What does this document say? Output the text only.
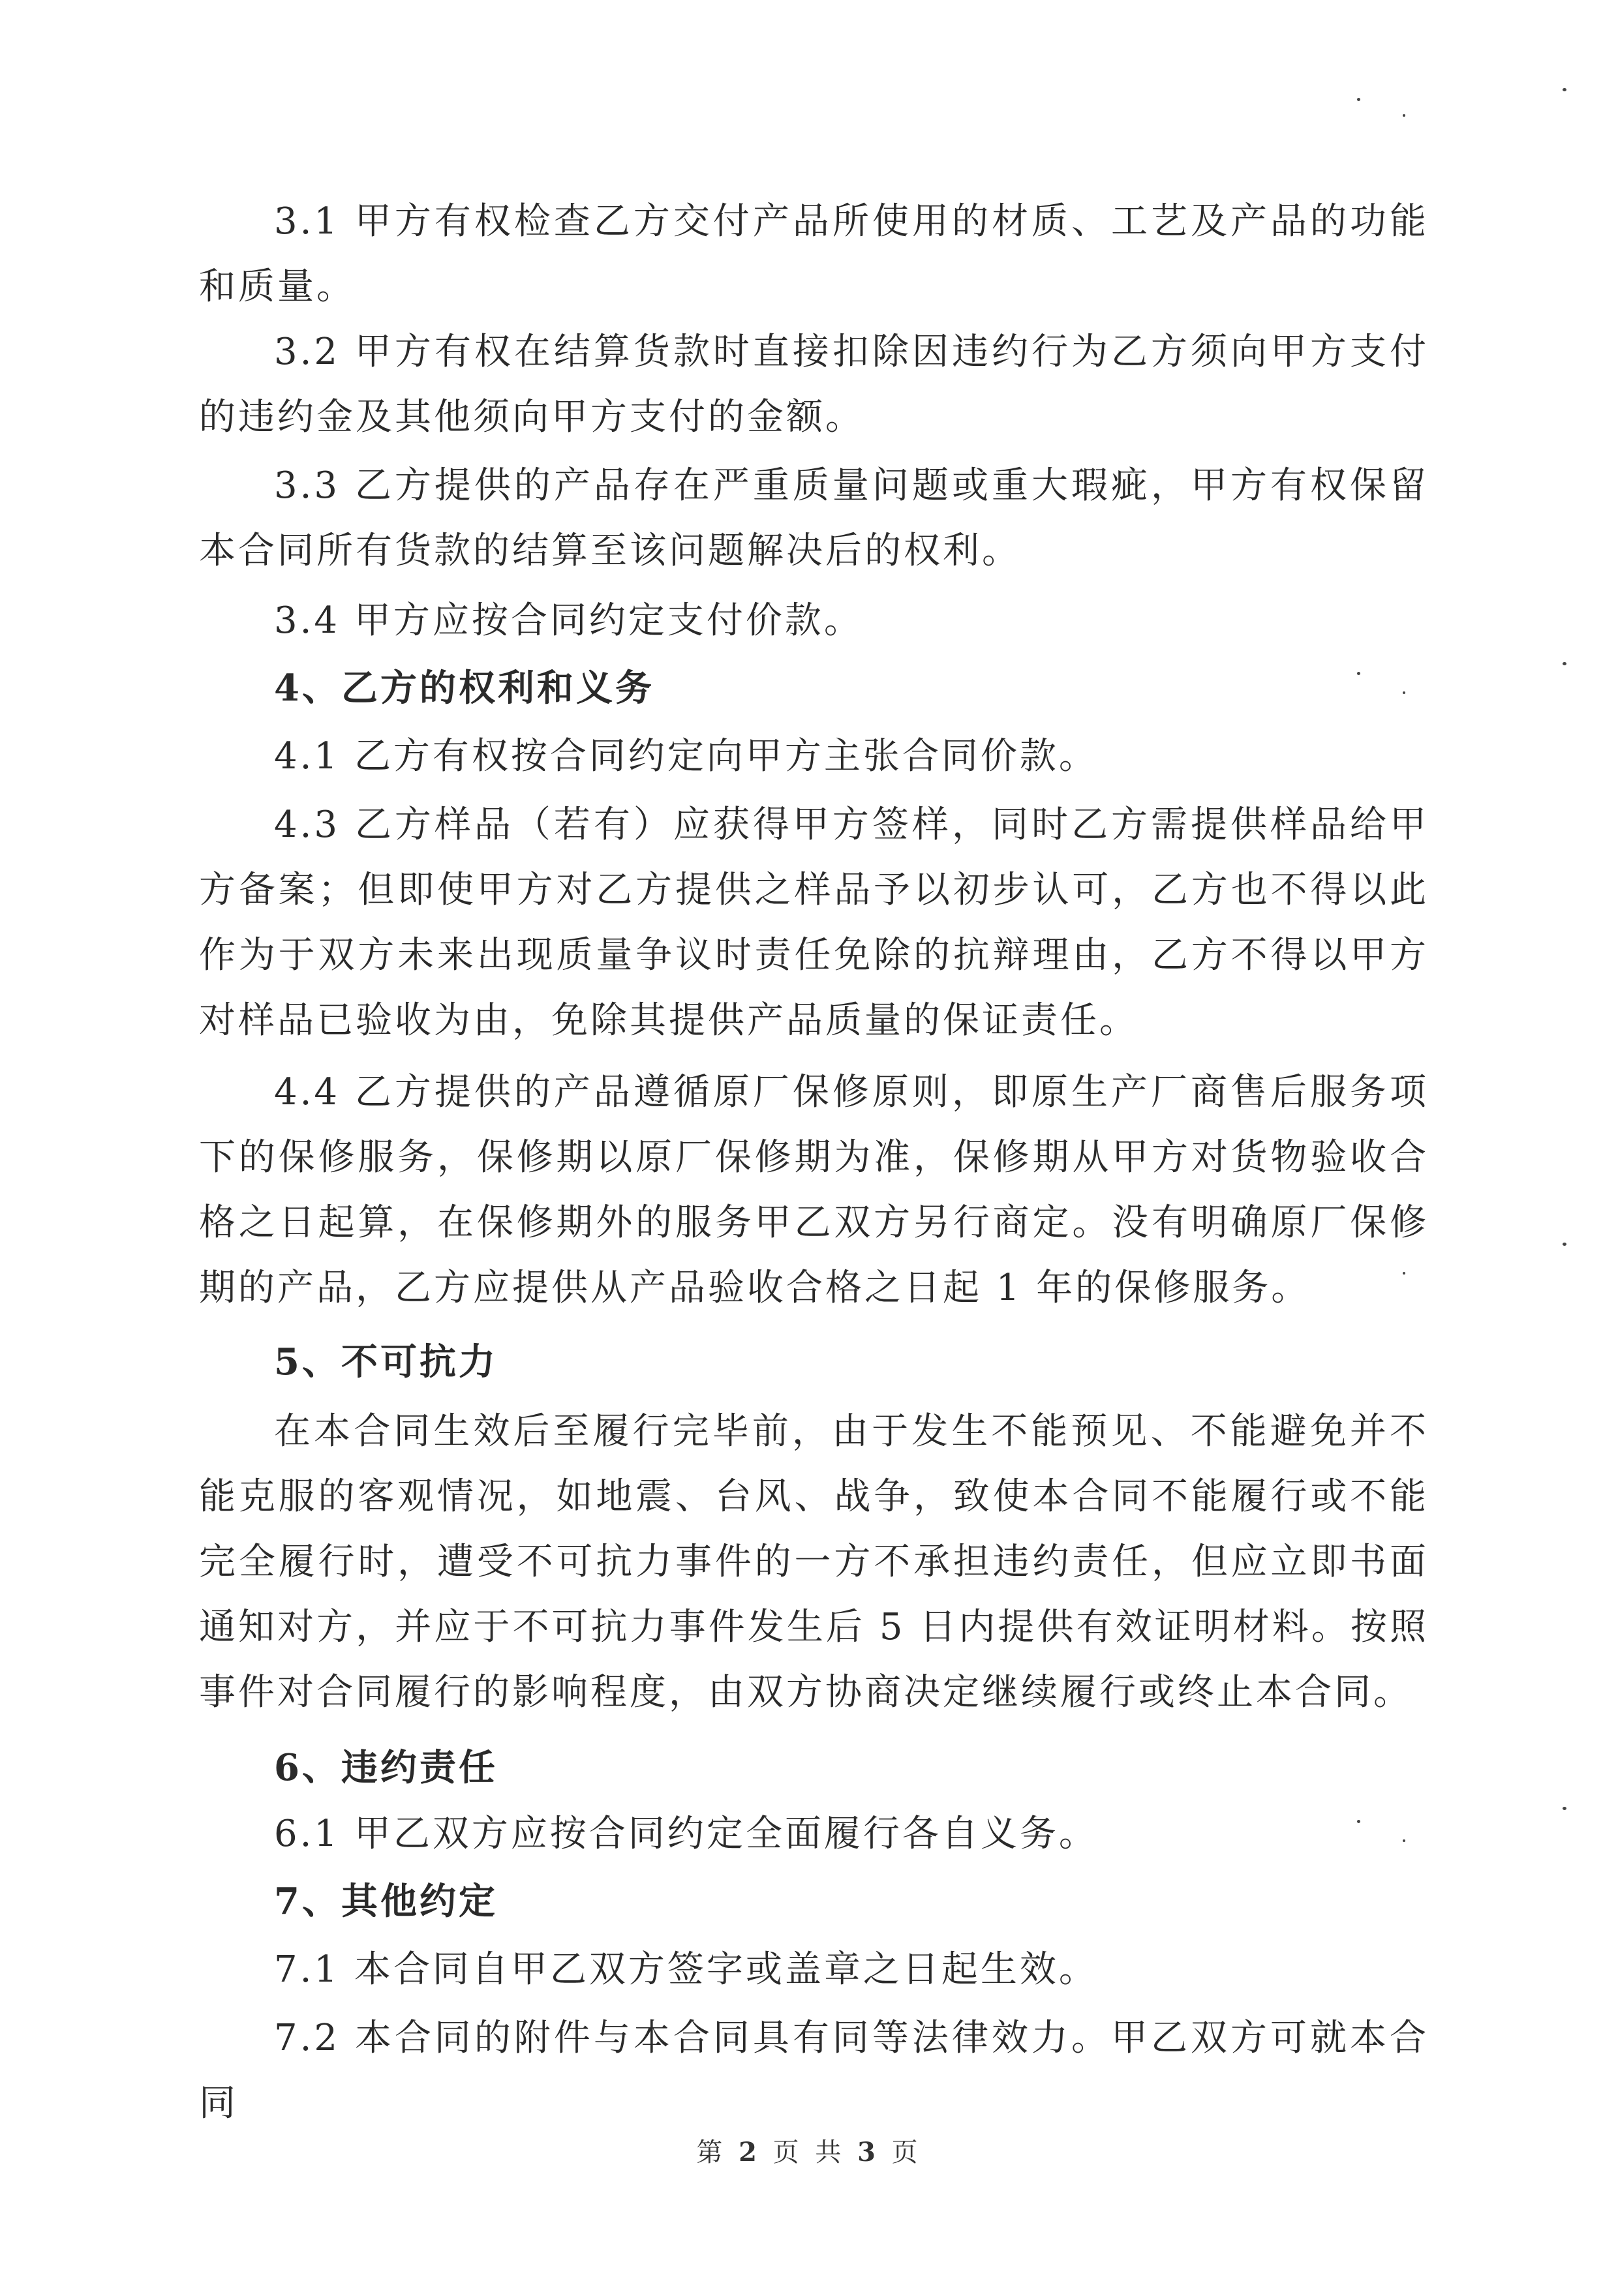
3.1 甲方有权检查乙方交付产品所使用的材质、工艺及产品的功能和质量。

3.2 甲方有权在结算货款时直接扣除因违约行为乙方须向甲方支付的违约金及其他须向甲方支付的金额。

3.3 乙方提供的产品存在严重质量问题或重大瑕疵，甲方有权保留本合同所有货款的结算至该问题解决后的权利。

3.4 甲方应按合同约定支付价款。

4、乙方的权利和义务

4.1 乙方有权按合同约定向甲方主张合同价款。

4.3 乙方样品（若有）应获得甲方签样，同时乙方需提供样品给甲方备案；但即使甲方对乙方提供之样品予以初步认可，乙方也不得以此作为于双方未来出现质量争议时责任免除的抗辩理由，乙方不得以甲方对样品已验收为由，免除其提供产品质量的保证责任。

4.4 乙方提供的产品遵循原厂保修原则，即原生产厂商售后服务项下的保修服务，保修期以原厂保修期为准，保修期从甲方对货物验收合格之日起算，在保修期外的服务甲乙双方另行商定。没有明确原厂保修期的产品，乙方应提供从产品验收合格之日起 1 年的保修服务。

5、不可抗力

在本合同生效后至履行完毕前，由于发生不能预见、不能避免并不能克服的客观情况，如地震、台风、战争，致使本合同不能履行或不能完全履行时，遭受不可抗力事件的一方不承担违约责任，但应立即书面通知对方，并应于不可抗力事件发生后 5 日内提供有效证明材料。按照事件对合同履行的影响程度，由双方协商决定继续履行或终止本合同。

6、违约责任

6.1 甲乙双方应按合同约定全面履行各自义务。

7、其他约定

7.1 本合同自甲乙双方签字或盖章之日起生效。

7.2 本合同的附件与本合同具有同等法律效力。甲乙双方可就本合同

第 2 页 共 3 页
